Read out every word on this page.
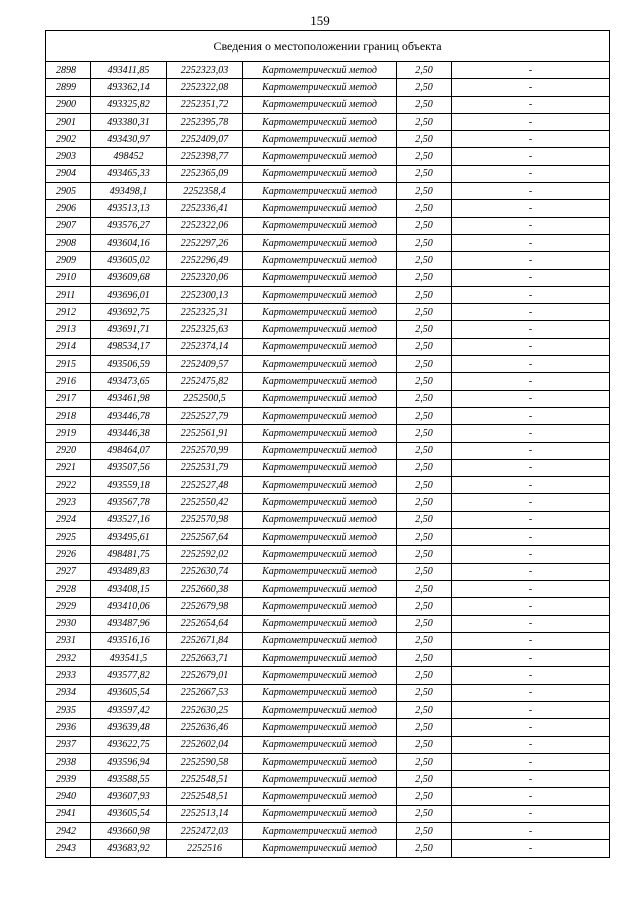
159
Сведения о местоположении границ объекта					
2898	493411,85	2252323,03	Картометрический метод	2,50	-
2899	493362,14	2252322,08	Картометрический метод	2,50	-
2900	493325,82	2252351,72	Картометрический метод	2,50	-
2901	493380,31	2252395,78	Картометрический метод	2,50	-
2902	493430,97	2252409,07	Картометрический метод	2,50	-
2903	498452	2252398,77	Картометрический метод	2,50	-
2904	493465,33	2252365,09	Картометрический метод	2,50	-
2905	493498,1	2252358,4	Картометрический метод	2,50	-
2906	493513,13	2252336,41	Картометрический метод	2,50	-
2907	493576,27	2252322,06	Картометрический метод	2,50	-
2908	493604,16	2252297,26	Картометрический метод	2,50	-
2909	493605,02	2252296,49	Картометрический метод	2,50	-
2910	493609,68	2252320,06	Картометрический метод	2,50	-
2911	493696,01	2252300,13	Картометрический метод	2,50	-
2912	493692,75	2252325,31	Картометрический метод	2,50	-
2913	493691,71	2252325,63	Картометрический метод	2,50	-
2914	498534,17	2252374,14	Картометрический метод	2,50	-
2915	493506,59	2252409,57	Картометрический метод	2,50	-
2916	493473,65	2252475,82	Картометрический метод	2,50	-
2917	493461,98	2252500,5	Картометрический метод	2,50	-
2918	493446,78	2252527,79	Картометрический метод	2,50	-
2919	493446,38	2252561,91	Картометрический метод	2,50	-
2920	498464,07	2252570,99	Картометрический метод	2,50	-
2921	493507,56	2252531,79	Картометрический метод	2,50	-
2922	493559,18	2252527,48	Картометрический метод	2,50	-
2923	493567,78	2252550,42	Картометрический метод	2,50	-
2924	493527,16	2252570,98	Картометрический метод	2,50	-
2925	493495,61	2252567,64	Картометрический метод	2,50	-
2926	498481,75	2252592,02	Картометрический метод	2,50	-
2927	493489,83	2252630,74	Картометрический метод	2,50	-
2928	493408,15	2252660,38	Картометрический метод	2,50	-
2929	493410,06	2252679,98	Картометрический метод	2,50	-
2930	493487,96	2252654,64	Картометрический метод	2,50	-
2931	493516,16	2252671,84	Картометрический метод	2,50	-
2932	493541,5	2252663,71	Картометрический метод	2,50	-
2933	493577,82	2252679,01	Картометрический метод	2,50	-
2934	493605,54	2252667,53	Картометрический метод	2,50	-
2935	493597,42	2252630,25	Картометрический метод	2,50	-
2936	493639,48	2252636,46	Картометрический метод	2,50	-
2937	493622,75	2252602,04	Картометрический метод	2,50	-
2938	493596,94	2252590,58	Картометрический метод	2,50	-
2939	493588,55	2252548,51	Картометрический метод	2,50	-
2940	493607,93	2252548,51	Картометрический метод	2,50	-
2941	493605,54	2252513,14	Картометрический метод	2,50	-
2942	493660,98	2252472,03	Картометрический метод	2,50	-
2943	493683,92	2252516	Картометрический метод	2,50	-
